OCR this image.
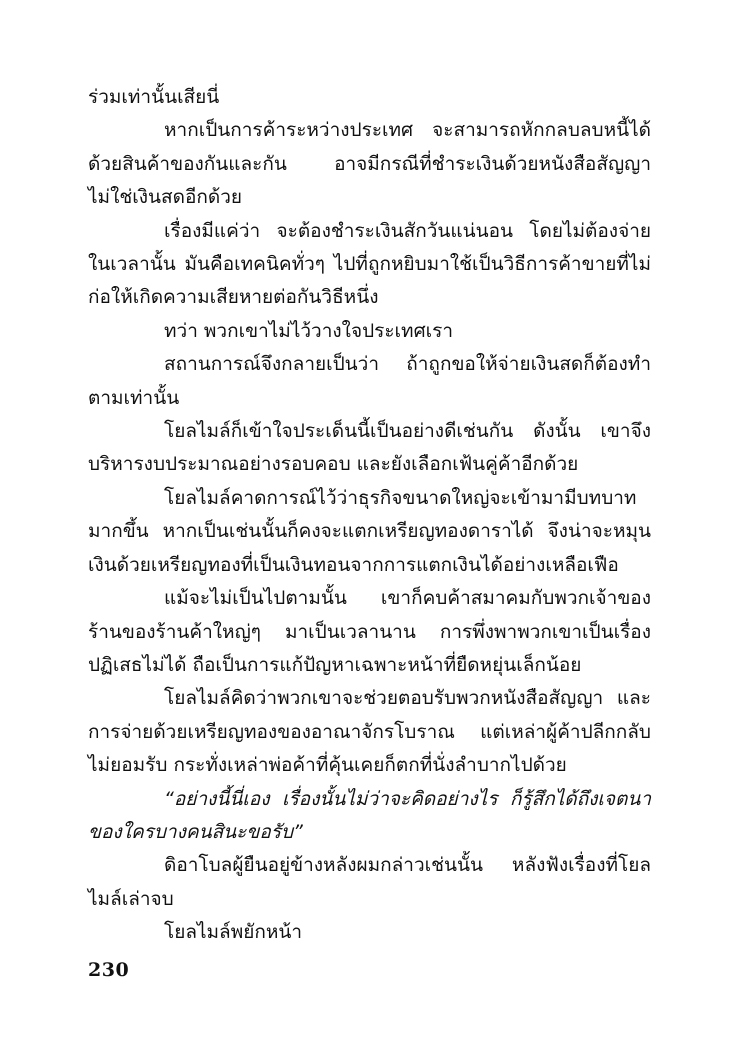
ร่วมเท่านั้นเสียนี่

หากเป็นการค้าระหว่างประเทศ จะสามารถหักกลบลบหนี้ได้ด้วยสินค้าของกันและกัน อาจมีกรณีที่ชำระเงินด้วยหนังสือสัญญา ไม่ใช่เงินสดอีกด้วย

เรื่องมีแค่ว่า จะต้องชำระเงินสักวันแน่นอน โดยไม่ต้องจ่ายในเวลานั้น มันคือเทคนิคทั่วๆ ไปที่ถูกหยิบมาใช้เป็นวิธีการค้าขายที่ไม่ก่อให้เกิดความเสียหายต่อกันวิธีหนึ่ง

ทว่า พวกเขาไม่ไว้วางใจประเทศเรา

สถานการณ์จึงกลายเป็นว่า ถ้าถูกขอให้จ่ายเงินสดก็ต้องทำตามเท่านั้น

โยลไมล์ก็เข้าใจประเด็นนี้เป็นอย่างดีเช่นกัน ดังนั้น เขาจึงบริหารงบประมาณอย่างรอบคอบ และยังเลือกเฟ้นคู่ค้าอีกด้วย

โยลไมล์คาดการณ์ไว้ว่าธุรกิจขนาดใหญ่จะเข้ามามีบทบาทมากขึ้น หากเป็นเช่นนั้นก็คงจะแตกเหรียญทองดาราได้ จึงน่าจะหมุนเงินด้วยเหรียญทองที่เป็นเงินทอนจากการแตกเงินได้อย่างเหลือเฟือ

แม้จะไม่เป็นไปตามนั้น เขาก็คบค้าสมาคมกับพวกเจ้าของร้านของร้านค้าใหญ่ๆ มาเป็นเวลานาน การพึ่งพาพวกเขาเป็นเรื่องปฏิเสธไม่ได้ ถือเป็นการแก้ปัญหาเฉพาะหน้าที่ยืดหยุ่นเล็กน้อย

โยลไมล์คิดว่าพวกเขาจะช่วยตอบรับพวกหนังสือสัญญา และการจ่ายด้วยเหรียญทองของอาณาจักรโบราณ แต่เหล่าผู้ค้าปลีกกลับไม่ยอมรับ กระทั่งเหล่าพ่อค้าที่คุ้นเคยก็ตกที่นั่งลำบากไปด้วย

“อย่างนี้นี่เอง เรื่องนั้นไม่ว่าจะคิดอย่างไร ก็รู้สึกได้ถึงเจตนาของใครบางคนสินะขอรับ”

ดิอาโบลผู้ยืนอยู่ข้างหลังผมกล่าวเช่นนั้น หลังฟังเรื่องที่โยลไมล์เล่าจบ

โยลไมล์พยักหน้า

230
